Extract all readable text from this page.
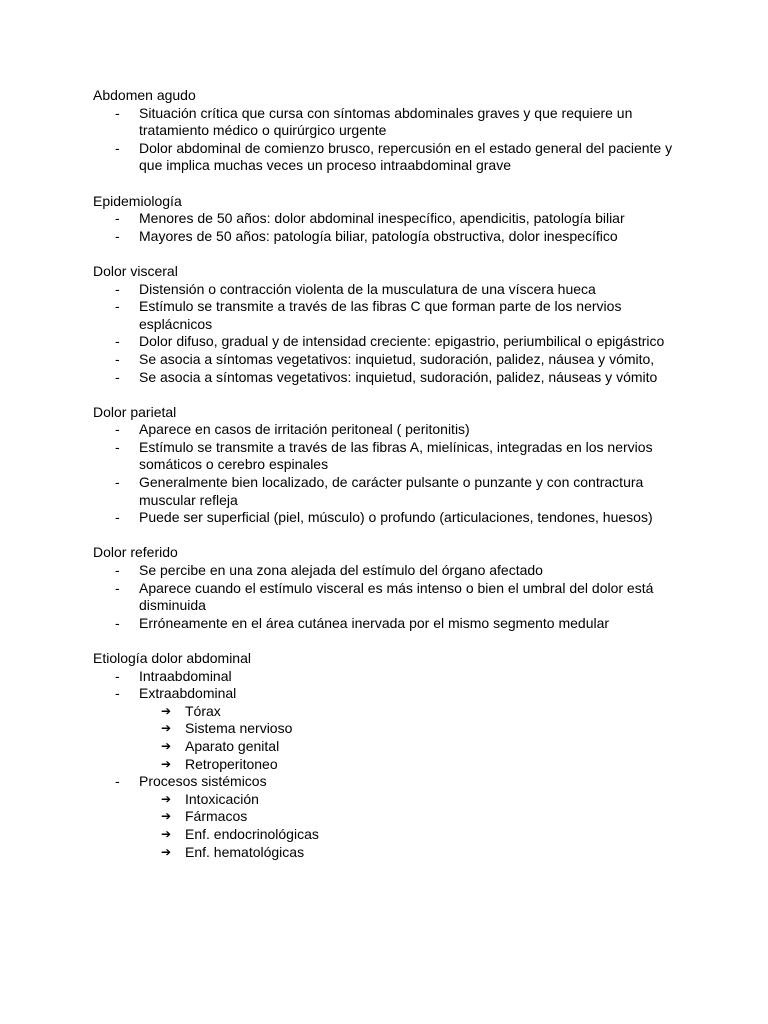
Abdomen agudo
- Situación crítica que cursa con síntomas abdominales graves y que requiere un tratamiento médico o quirúrgico urgente
- Dolor abdominal de comienzo brusco, repercusión en el estado general del paciente y que implica muchas veces un proceso intraabdominal grave
Epidemiología
- Menores de 50 años: dolor abdominal inespecífico, apendicitis, patología biliar
- Mayores de 50 años: patología biliar, patología obstructiva, dolor inespecífico
Dolor visceral
- Distensión o contracción violenta de la musculatura de una víscera hueca
- Estímulo se transmite a través de las fibras C que forman parte de los nervios esplácnicos
- Dolor difuso, gradual y de intensidad creciente: epigastrio, periumbilical o epigástrico
- Se asocia a síntomas vegetativos: inquietud, sudoración, palidez, náusea y vómito,
- Se asocia a síntomas vegetativos: inquietud, sudoración, palidez, náuseas y vómito
Dolor parietal
- Aparece en casos de irritación peritoneal ( peritonitis)
- Estímulo se transmite a través de las fibras A, mielínicas, integradas en los nervios somáticos o cerebro espinales
- Generalmente bien localizado, de carácter pulsante o punzante y con contractura muscular refleja
- Puede ser superficial (piel, músculo) o profundo (articulaciones, tendones, huesos)
Dolor referido
- Se percibe en una zona alejada del estímulo del órgano afectado
- Aparece cuando el estímulo visceral es más intenso o bien el umbral del dolor está disminuida
- Erróneamente en el área cutánea inervada por el mismo segmento medular
Etiología dolor abdominal
- Intraabdominal
- Extraabdominal
➔ Tórax
➔ Sistema nervioso
➔ Aparato genital
➔ Retroperitoneo
- Procesos sistémicos
➔ Intoxicación
➔ Fármacos
➔ Enf. endocrinológicas
➔ Enf. hematológicas
